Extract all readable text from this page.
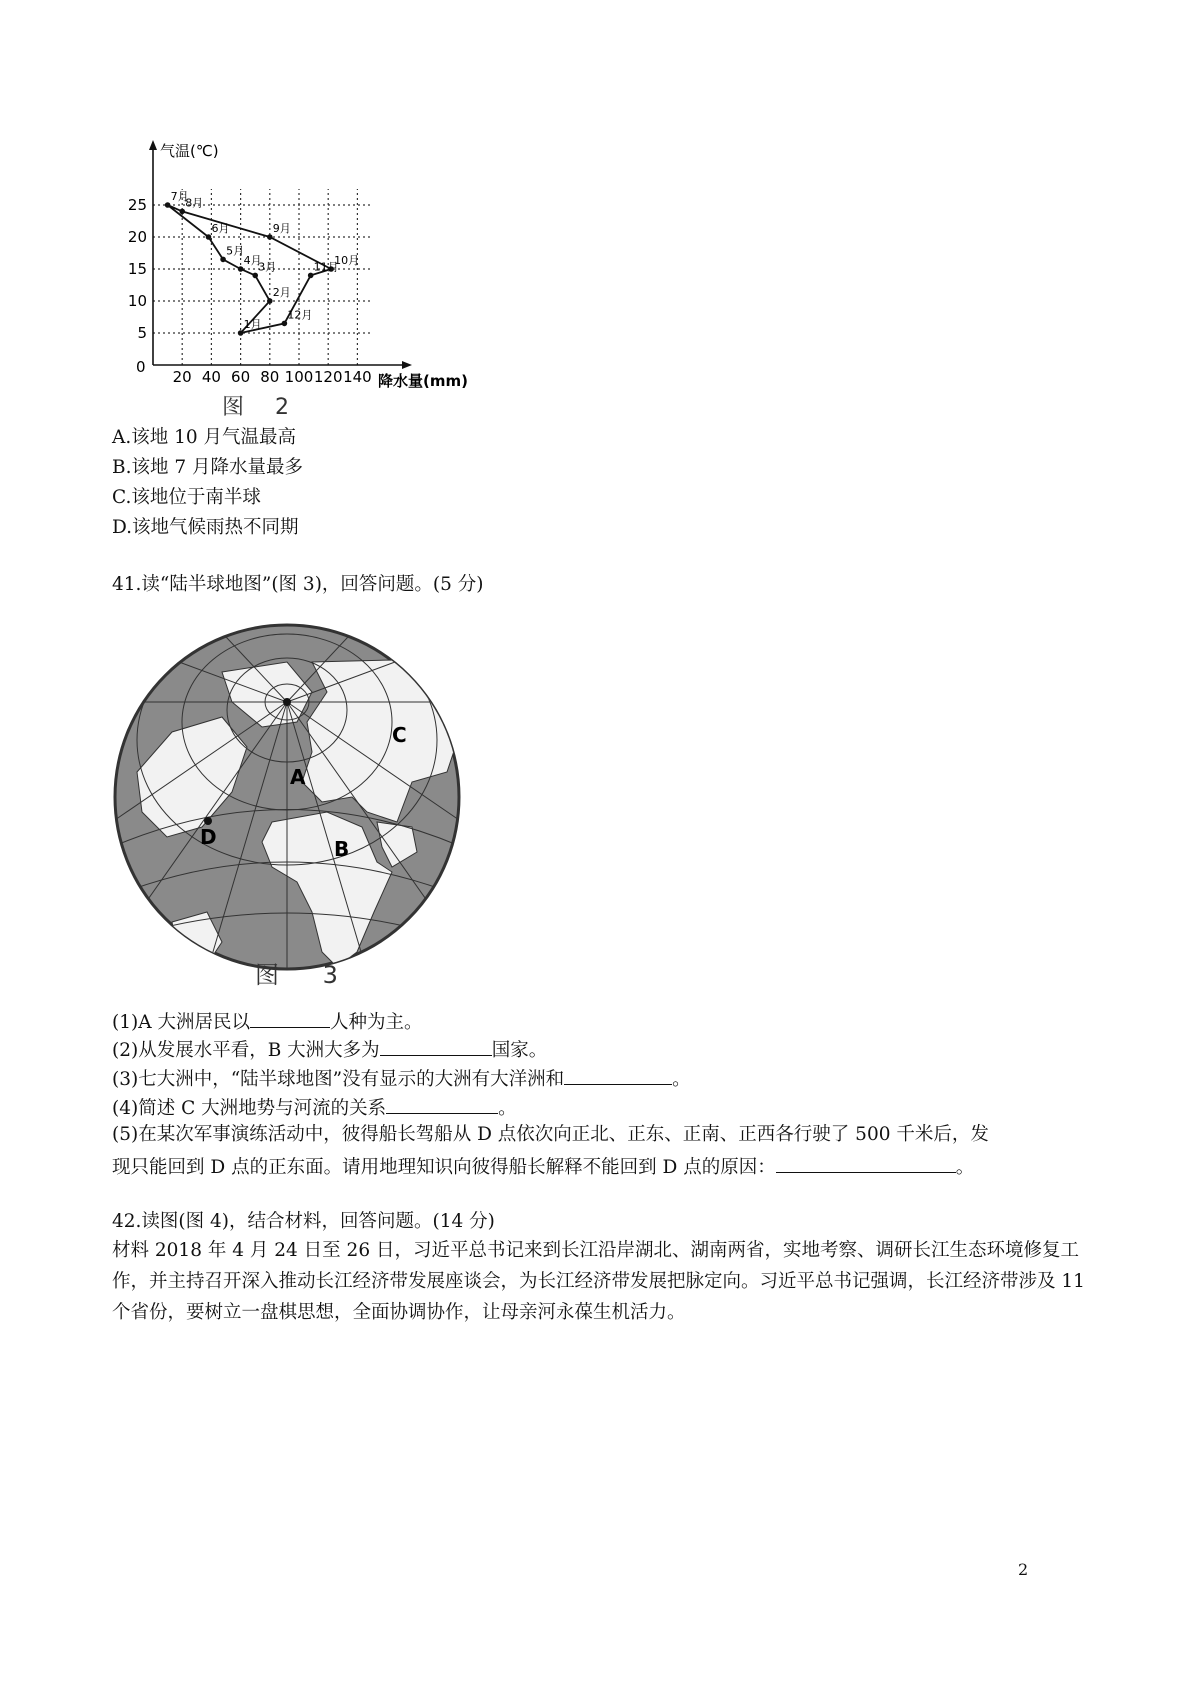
20 40 60 80 100 120 140
5
10
15
20
25
1月
2月
3月
4月
5月
6月
7月
8月
9月
10月
11月
12月
气温(℃)
降水量(mm)
0
图 2
A.该地 10 月气温最高
B.该地 7 月降水量最多
C.该地位于南半球
D.该地气候雨热不同期
41.读“陆半球地图”(图 3)，回答问题。(5 分)
A
B
C
D
图 3
(1)A 大洲居民以	人种为主。
(2)从发展水平看，B 大洲大多为	国家。
(3)七大洲中，“陆半球地图”没有显示的大洲有大洋洲和	。
(4)简述 C 大洲地势与河流的关系	。
(5)在某次军事演练活动中，彼得船长驾船从 D 点依次向正北、正东、正南、正西各行驶了 500 千米后，发
现只能回到 D 点的正东面。请用地理知识向彼得船长解释不能回到 D 点的原因：	。
42.读图(图 4)，结合材料，回答问题。(14 分)
材料 2018 年 4 月 24 日至 26 日，习近平总书记来到长江沿岸湖北、湖南两省，实地考察、调研长江生态环境修复工作，并主持召开深入推动长江经济带发展座谈会，为长江经济带发展把脉定向。习近平总书记强调，长江经济带涉及 11 个省份，要树立一盘棋思想，全面协调协作，让母亲河永葆生机活力。
2
